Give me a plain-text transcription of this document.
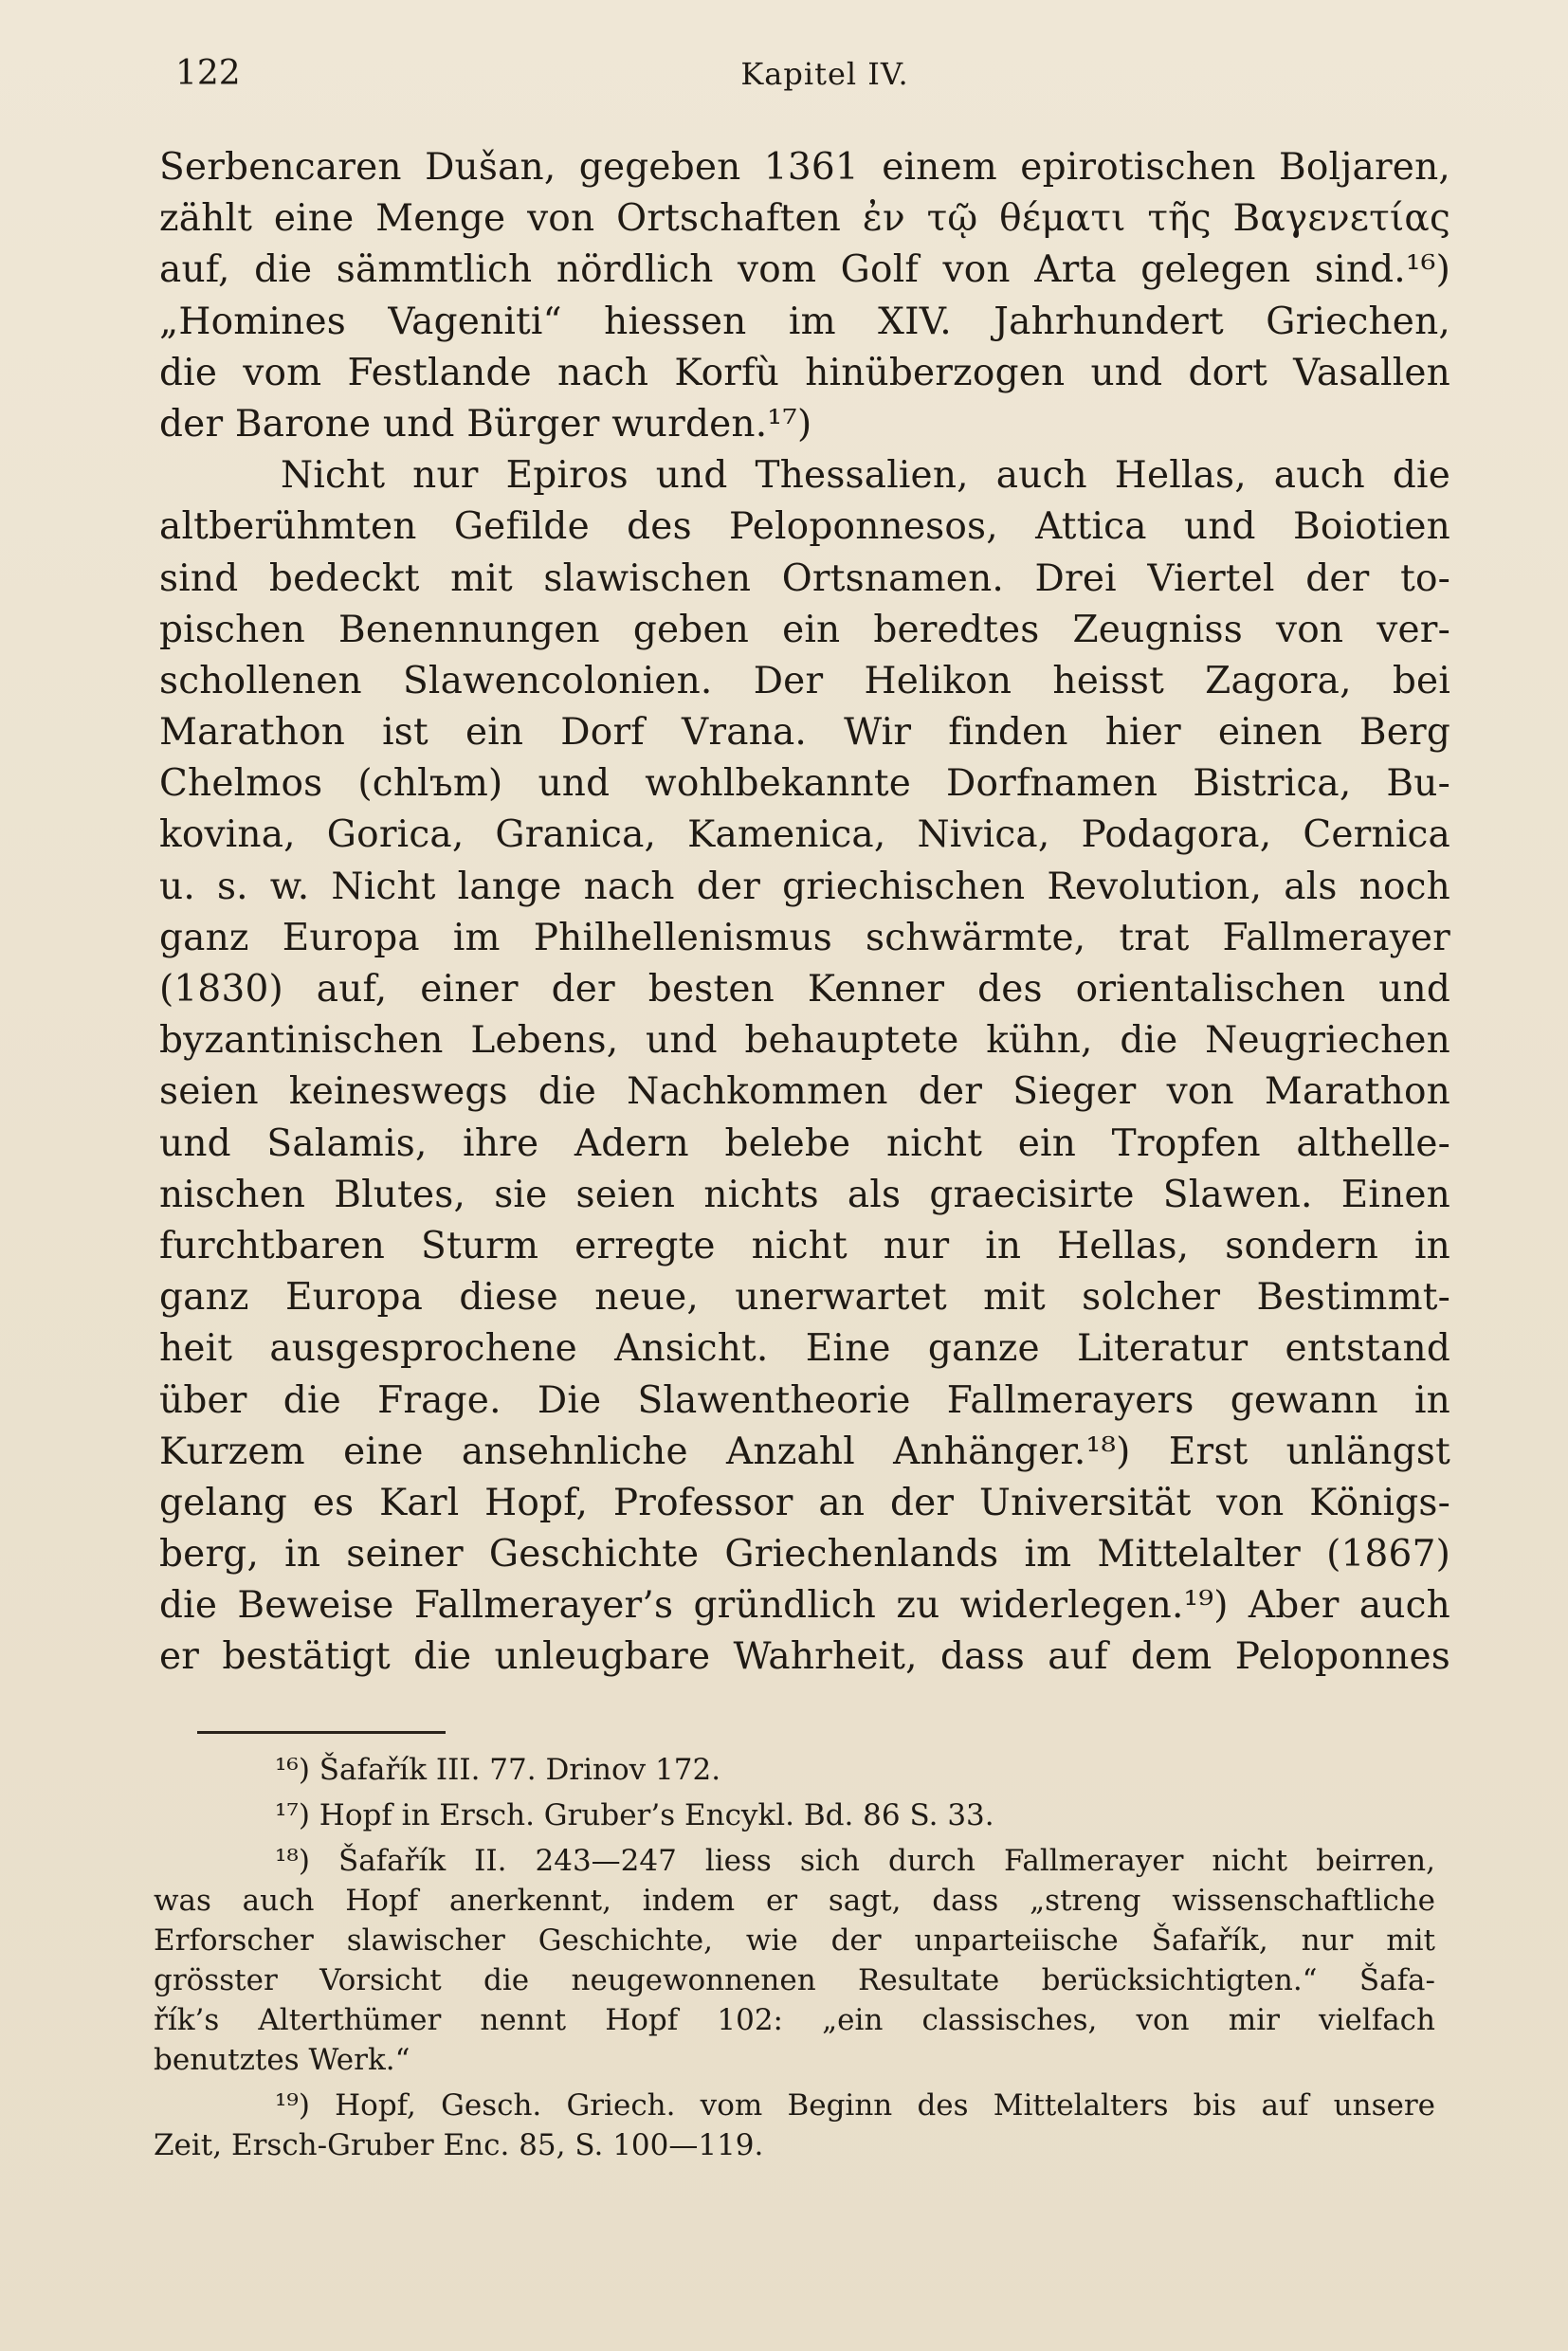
122	Kapitel IV.
Serbencaren Dušan, gegeben 1361 einem epirotischen Boljaren,
zählt eine Menge von Ortschaften ἐν τῷ θέματι τῆς Βαγενετίας
auf, die sämmtlich nördlich vom Golf von Arta gelegen sind.¹⁶)
„Homines Vageniti“ hiessen im XIV. Jahrhundert Griechen,
die vom Festlande nach Korfù hinüberzogen und dort Vasallen
der Barone und Bürger wurden.¹⁷)
Nicht nur Epiros und Thessalien, auch Hellas, auch die
altberühmten Gefilde des Peloponnesos, Attica und Boiotien
sind bedeckt mit slawischen Ortsnamen. Drei Viertel der to-
pischen Benennungen geben ein beredtes Zeugniss von ver-
schollenen Slawencolonien. Der Helikon heisst Zagora, bei
Marathon ist ein Dorf Vrana. Wir finden hier einen Berg
Chelmos (chlъm) und wohlbekannte Dorfnamen Bistrica, Bu-
kovina, Gorica, Granica, Kamenica, Nivica, Podagora, Cernica
u. s. w. Nicht lange nach der griechischen Revolution, als noch
ganz Europa im Philhellenismus schwärmte, trat Fallmerayer
(1830) auf, einer der besten Kenner des orientalischen und
byzantinischen Lebens, und behauptete kühn, die Neugriechen
seien keineswegs die Nachkommen der Sieger von Marathon
und Salamis, ihre Adern belebe nicht ein Tropfen althelle-
nischen Blutes, sie seien nichts als graecisirte Slawen. Einen
furchtbaren Sturm erregte nicht nur in Hellas, sondern in
ganz Europa diese neue, unerwartet mit solcher Bestimmt-
heit ausgesprochene Ansicht. Eine ganze Literatur entstand
über die Frage. Die Slawentheorie Fallmerayers gewann in
Kurzem eine ansehnliche Anzahl Anhänger.¹⁸) Erst unlängst
gelang es Karl Hopf, Professor an der Universität von Königs-
berg, in seiner Geschichte Griechenlands im Mittelalter (1867)
die Beweise Fallmerayer’s gründlich zu widerlegen.¹⁹) Aber auch
er bestätigt die unleugbare Wahrheit, dass auf dem Peloponnes
¹⁶) Šafařík III. 77. Drinov 172.
¹⁷) Hopf in Ersch. Gruber’s Encykl. Bd. 86 S. 33.
¹⁸) Šafařík II. 243—247 liess sich durch Fallmerayer nicht beirren,
was auch Hopf anerkennt, indem er sagt, dass „streng wissenschaftliche
Erforscher slawischer Geschichte, wie der unparteiische Šafařík, nur mit
grösster Vorsicht die neugewonnenen Resultate berücksichtigten.“ Šafa-
řík’s Alterthümer nennt Hopf 102: „ein classisches, von mir vielfach
benutztes Werk.“
¹⁹) Hopf, Gesch. Griech. vom Beginn des Mittelalters bis auf unsere
Zeit, Ersch-Gruber Enc. 85, S. 100—119.
